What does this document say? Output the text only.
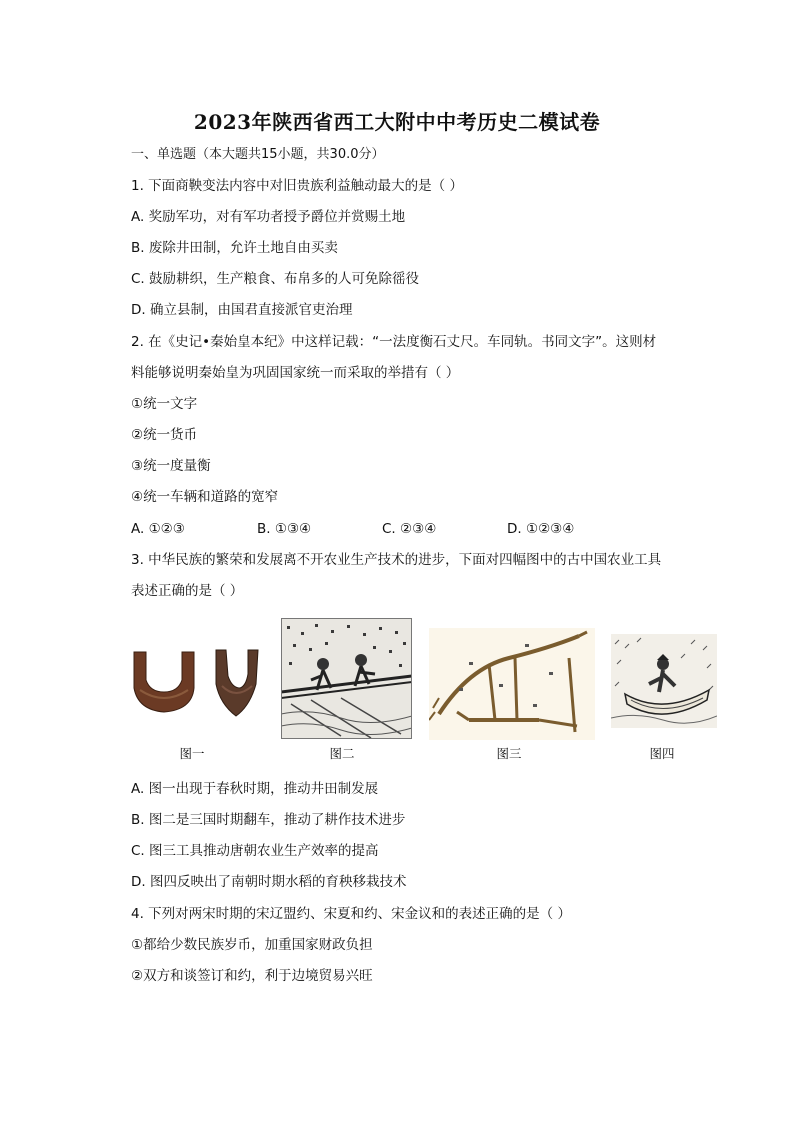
2023年陕西省西工大附中中考历史二模试卷
一、单选题（本大题共15小题，共30.0分）
1. 下面商鞅变法内容中对旧贵族利益触动最大的是（ ）
A. 奖励军功，对有军功者授予爵位并赏赐土地
B. 废除井田制，允许土地自由买卖
C. 鼓励耕织，生产粮食、布帛多的人可免除徭役
D. 确立县制，由国君直接派官吏治理
2. 在《史记•秦始皇本纪》中这样记载：“一法度衡石丈尺。车同轨。书同文字”。这则材
料能够说明秦始皇为巩固国家统一而采取的举措有（ ）
①统一文字
②统一货币
③统一度量衡
④统一车辆和道路的宽窄
A. ①②③	B. ①③④	C. ②③④	D. ①②③④
3. 中华民族的繁荣和发展离不开农业生产技术的进步，下面对四幅图中的古中国农业工具
表述正确的是（ ）
图一	图二	图三	图四
A. 图一出现于春秋时期，推动井田制发展
B. 图二是三国时期翻车，推动了耕作技术进步
C. 图三工具推动唐朝农业生产效率的提高
D. 图四反映出了南朝时期水稻的育秧移栽技术
4. 下列对两宋时期的宋辽盟约、宋夏和约、宋金议和的表述正确的是（ ）
①都给少数民族岁币，加重国家财政负担
②双方和谈签订和约，利于边境贸易兴旺
